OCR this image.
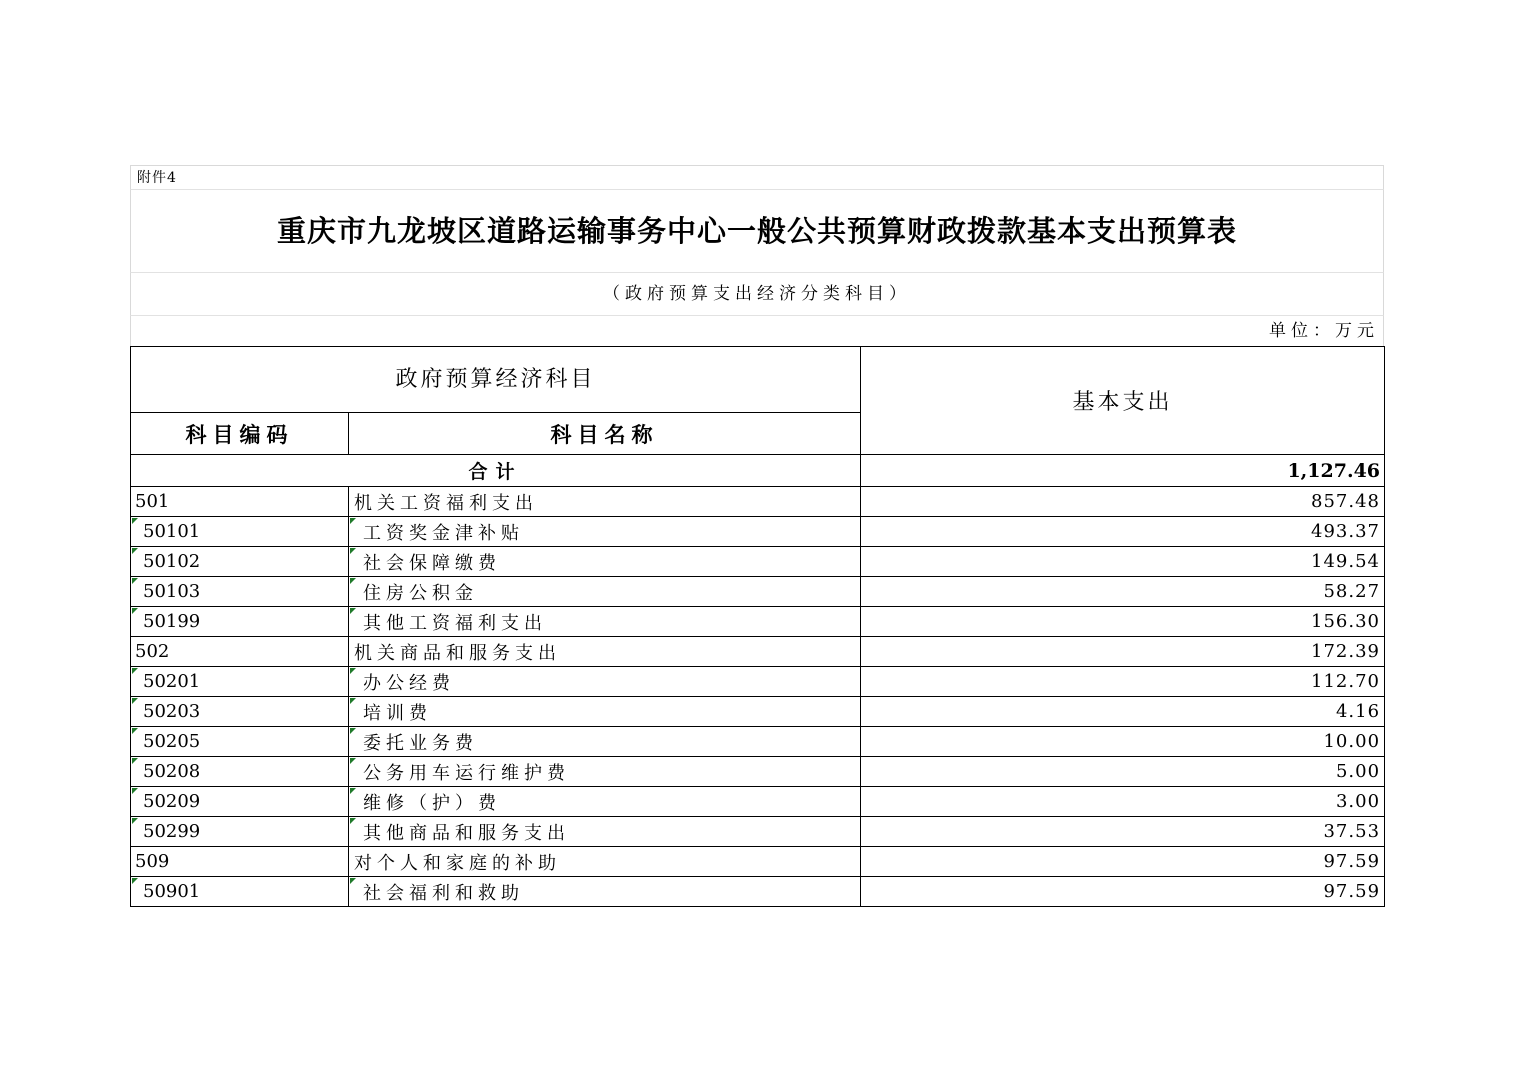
附件4
重庆市九龙坡区道路运输事务中心一般公共预算财政拨款基本支出预算表
（政府预算支出经济分类科目）
单位：万元
政府预算经济科目		基本支出
科目编码	科目名称	
合计		1,127.46
501	机关工资福利支出	857.48
50101	工资奖金津补贴	493.37
50102	社会保障缴费	149.54
50103	住房公积金	58.27
50199	其他工资福利支出	156.30
502	机关商品和服务支出	172.39
50201	办公经费	112.70
50203	培训费	4.16
50205	委托业务费	10.00
50208	公务用车运行维护费	5.00
50209	维修（护）费	3.00
50299	其他商品和服务支出	37.53
509	对个人和家庭的补助	97.59
50901	社会福利和救助	97.59
